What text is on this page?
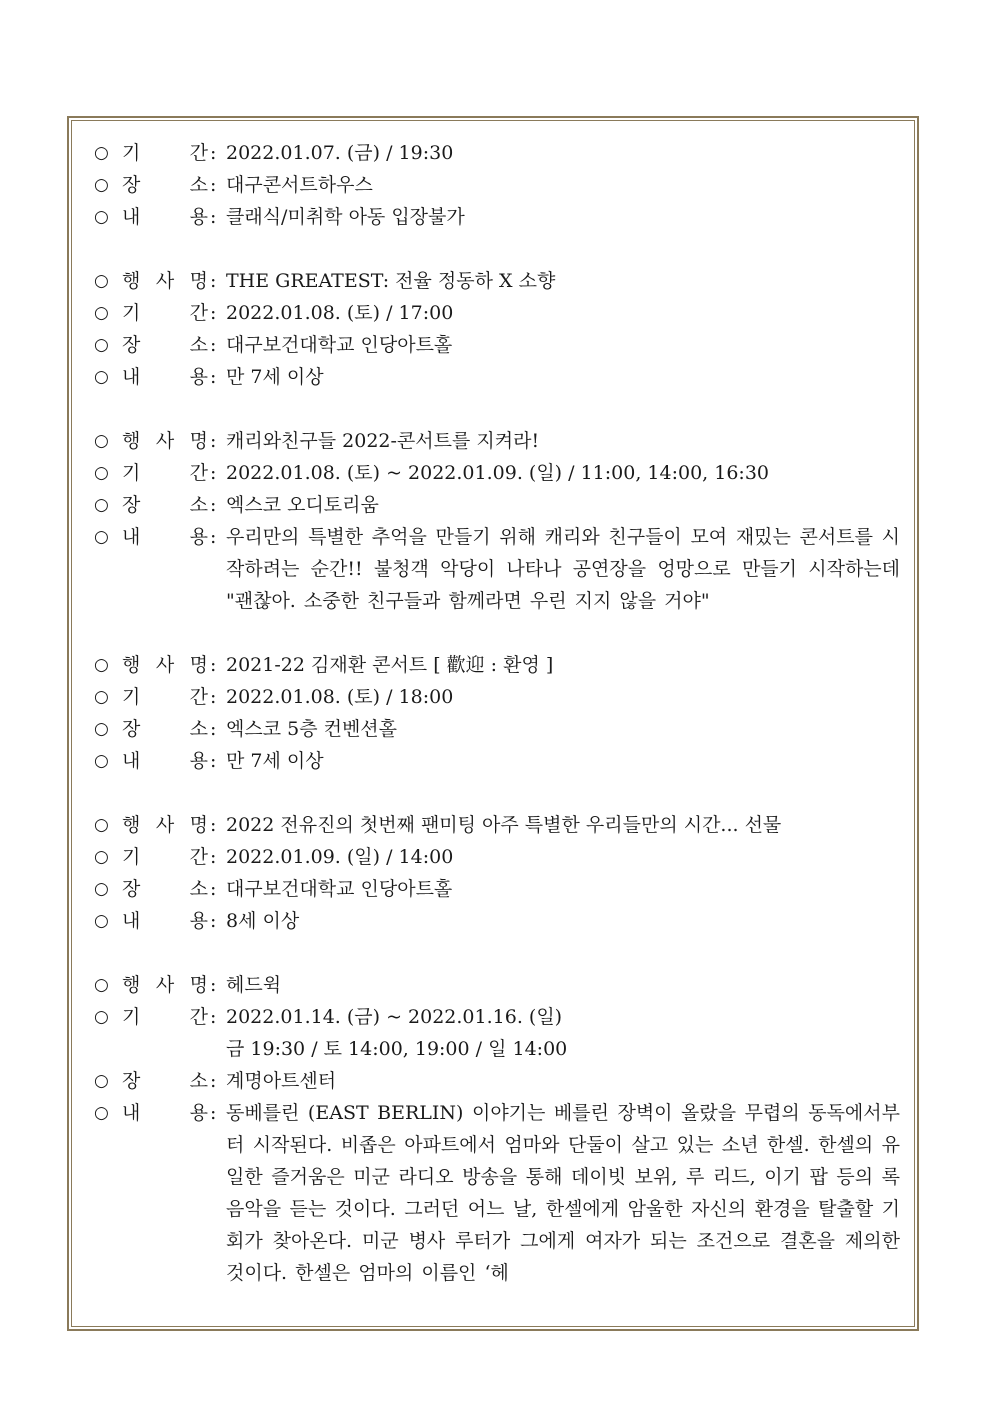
○ 기	간 : 2022.01.07. (금) / 19:30
○ 장	소 : 대구콘서트하우스
○ 내	용 : 클래식/미취학 아동 입장불가
○ 행 사 명 : THE GREATEST: 전율 정동하 X 소향
○ 기	간 : 2022.01.08. (토) / 17:00
○ 장	소 : 대구보건대학교 인당아트홀
○ 내	용 : 만 7세 이상
○ 행 사 명 : 캐리와친구들 2022-콘서트를 지켜라!
○ 기	간 : 2022.01.08. (토) ~ 2022.01.09. (일) / 11:00, 14:00, 16:30
○ 장	소 : 엑스코 오디토리움
○ 내	용 : 우리만의 특별한 추억을 만들기 위해 캐리와 친구들이 모여 재밌는 콘서트를 시작하려는 순간!! 불청객 악당이 나타나 공연장을 엉망으로 만들기 시작하는데 "괜찮아. 소중한 친구들과 함께라면 우린 지지 않을 거야"
○ 행 사 명 : 2021-22 김재환 콘서트 [ 歡迎 : 환영 ]
○ 기	간 : 2022.01.08. (토) / 18:00
○ 장	소 : 엑스코 5층 컨벤션홀
○ 내	용 : 만 7세 이상
○ 행 사 명 : 2022 전유진의 첫번째 팬미팅 아주 특별한 우리들만의 시간... 선물
○ 기	간 : 2022.01.09. (일) / 14:00
○ 장	소 : 대구보건대학교 인당아트홀
○ 내	용 : 8세 이상
○ 행 사 명 : 헤드윅
○ 기	간 : 2022.01.14. (금) ~ 2022.01.16. (일)
금 19:30 / 토 14:00, 19:00 / 일 14:00
○ 장	소 : 계명아트센터
○ 내	용 : 동베를린 (EAST BERLIN) 이야기는 베를린 장벽이 올랐을 무렵의 동독에서부터 시작된다. 비좁은 아파트에서 엄마와 단둘이 살고 있는 소년 한셀. 한셀의 유일한 즐거움은 미군 라디오 방송을 통해 데이빗 보위, 루 리드, 이기 팝 등의 록 음악을 듣는 것이다. 그러던 어느 날, 한셀에게 암울한 자신의 환경을 탈출할 기회가 찾아온다. 미군 병사 루터가 그에게 여자가 되는 조건으로 결혼을 제의한 것이다. 한셀은 엄마의 이름인 ‘헤
